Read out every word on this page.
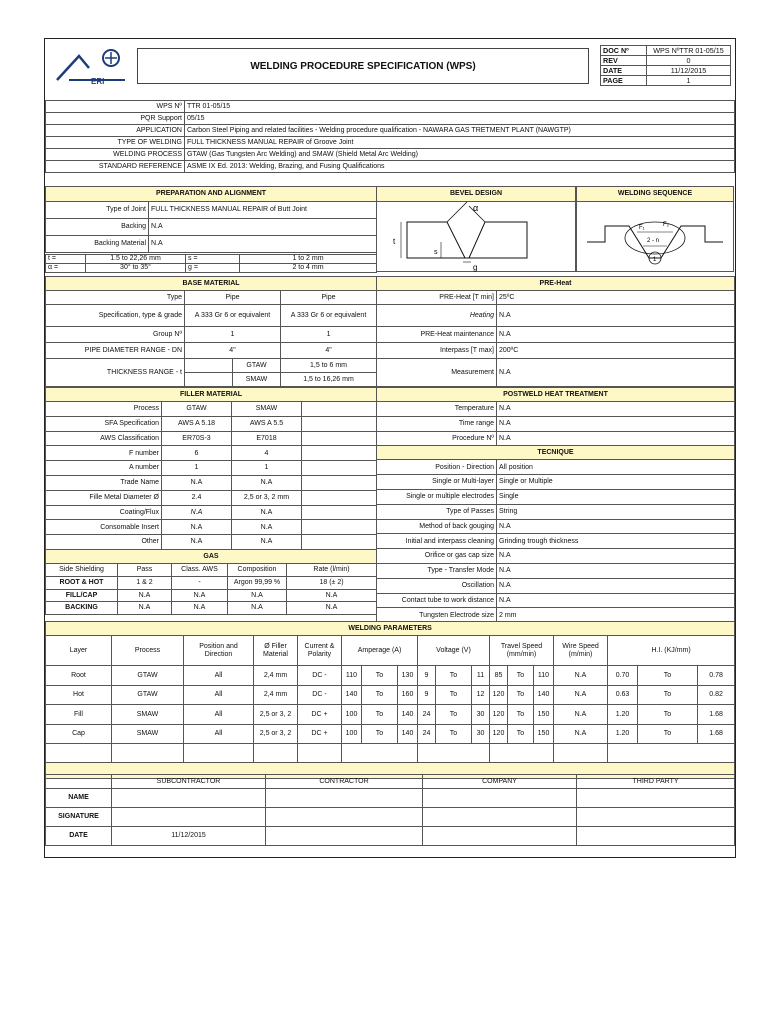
ERI
WELDING PROCEDURE SPECIFICATION (WPS)
DOC Nº	WPS NºTTR 01-05/15
REV	0
DATE	11/12/2015
PAGE	1
WPS Nº	TTR 01-05/15
PQR Support	05/15
APPLICATION	Carbon Steel Piping and related facilities - Welding procedure qualification - NAWARA GAS TRETMENT PLANT (NAWGTP)
TYPE OF WELDING	FULL THICKNESS MANUAL REPAIR of Groove Joint
WELDING PROCESS	GTAW (Gas Tungsten Arc Welding) and SMAW (Shield Metal Arc Welding)
STANDARD REFERENCE	ASME IX Ed. 2013: Welding, Brazing, and Fusing Qualifications
PREPARATION AND ALIGNMENT	
Type of Joint	FULL THICKNESS MANUAL REPAIR of Butt Joint
Backing	N.A
Backing Material	N.A
t =	1.5 to 22,26 mm	s =	1 to 2 mm
α =	30° to 35°	g =	2 to 4 mm
BEVEL DESIGN
α
t
s
g
WELDING SEQUENCE
F₁	F₂
2 - n
1
BASE MATERIAL			
Type	Pipe		Pipe
Specification, type & grade	A 333 Gr 6 or equivalent		A 333 Gr 6 or equivalent
Group Nº	1		1
PIPE DIAMETER RANGE - DN	4"		4"
THICKNESS RANGE - t		GTAW	1,5 to 6 mm
		SMAW	1,5 to 16,26 mm
PRE-Heat	
PRE-Heat [T min]	25ºC
Heating	N.A
PRE-Heat maintenance	N.A
Interpass [T max]	200ºC
Measurement	N.A
FILLER MATERIAL			
Process	GTAW	SMAW	
SFA Specification	AWS A 5.18	AWS A 5.5	
AWS Classification	ER70S-3	E7018	
F number	6	4	
A number	1	1	
Trade Name	N.A	N.A	
Fille Metal Diameter Ø	2.4	2,5 or 3, 2 mm	
Coating/Flux	N.A	N.A	
Consomable Insert	N.A	N.A	
Other	N.A	N.A	
POSTWELD HEAT TREATMENT	
Temperature	N.A
Time range	N.A
Procedure Nº	N.A
TECNIQUE	
Position - Direction	All position
Single or Multi-layer	Single or Multiple
Single or multiple electrodes	Single
Type of Passes	String
Method of back gouging	N.A
Initial and interpass cleaning	Grinding trough thickness
Orifice or gas cap size	N.A
Type - Transfer Mode	N.A
Oscillation	N.A
Contact tube to work distance	N.A
Tungsten Electrode size	2 mm
GAS				
Side Shielding	Pass	Class. AWS	Composition	Rate (l/min)
ROOT & HOT	1 & 2	-	Argon 99,99 %	18 (± 2)
FILL/CAP	N.A	N.A	N.A	N.A
BACKING	N.A	N.A	N.A	N.A
WELDING PARAMETERS																	
Layer	Process	Position and Direction	Ø Filler Material	Current & Polarity	Amperage (A)			Voltage (V)			Travel Speed (mm/min)			Wire Speed (m/min)	H.I. (KJ/mm)		
Root	GTAW	All	2,4 mm	DC -	110	To	130	9	To	11	85	To	110	N.A	0.70	To	0.78
Hot	GTAW	All	2,4 mm	DC -	140	To	160	9	To	12	120	To	140	N.A	0.63	To	0.82
Fill	SMAW	All	2,5 or 3, 2	DC +	100	To	140	24	To	30	120	To	150	N.A	1.20	To	1.68
Cap	SMAW	All	2,5 or 3, 2	DC +	100	To	140	24	To	30	120	To	150	N.A	1.20	To	1.68

	SUBCONTRACTOR	CONTRACTOR	COMPANY	THIRD PARTY
NAME				
SIGNATURE				
DATE	11/12/2015			
